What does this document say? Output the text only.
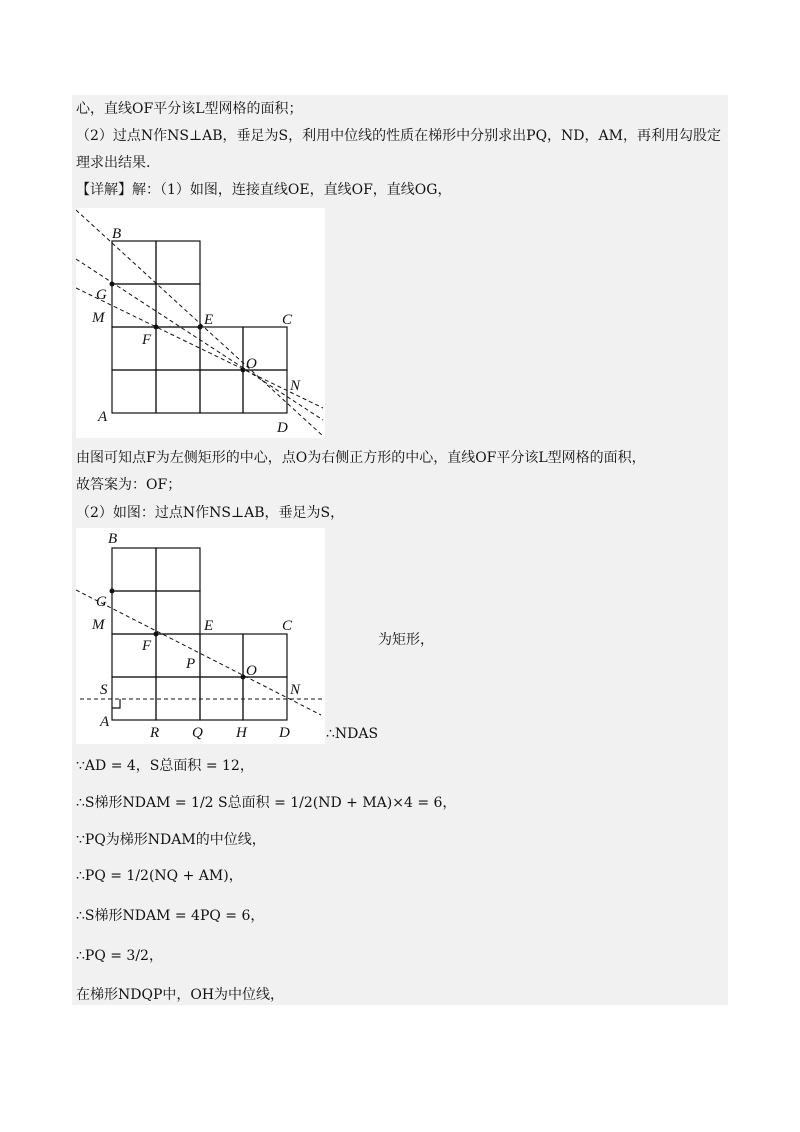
心，直线OF平分该L型网格的面积；
（2）过点N作NS⊥AB，垂足为S，利用中位线的性质在梯形中分别求出PQ，ND，AM，再利用勾股定
理求出结果.
【详解】解：（1）如图，连接直线OE，直线OF，直线OG，
B
G
M
F
E	C
O
N
A
D
由图可知点F为左侧矩形的中心，点O为右侧正方形的中心，直线OF平分该L型网格的面积，
故答案为：OF；
（2）如图：过点N作NS⊥AB，垂足为S，
B
G
M
F
E	C
P	O
S	N
A
R Q H D
为矩形，
∴NDAS
∵AD = 4，S总面积 = 12，
∴S梯形NDAM = 1/2 S总面积 = 1/2(ND + MA)×4 = 6，
∵PQ为梯形NDAM的中位线，
∴PQ = 1/2(NQ + AM)，
∴S梯形NDAM = 4PQ = 6，
∴PQ = 3/2，
在梯形NDQP中，OH为中位线，
